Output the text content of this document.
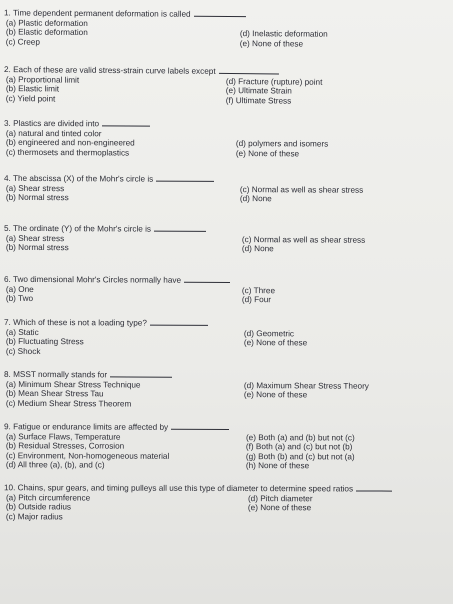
1. Time dependent permanent deformation is called
(a) Plastic deformation
(b) Elastic deformation
(c) Creep

(d) Inelastic deformation
(e) None of these
2. Each of these are valid stress-strain curve labels except
(a) Proportional limit
(b) Elastic limit
(c) Yield point
(d) Fracture (rupture) point
(e) Ultimate Strain
(f) Ultimate Stress
3. Plastics are divided into
(a) natural and tinted color
(b) engineered and non-engineered
(c) thermosets and thermoplastics

(d) polymers and isomers
(e) None of these
4. The abscissa (X) of the Mohr's circle is
(a) Shear stress
(b) Normal stress
(c) Normal as well as shear stress
(d) None
5. The ordinate (Y) of the Mohr's circle is
(a) Shear stress
(b) Normal stress
(c) Normal as well as shear stress
(d) None
6. Two dimensional Mohr's Circles normally have
(a) One
(b) Two
(c) Three
(d) Four
7. Which of these is not a loading type?
(a) Static
(b) Fluctuating Stress
(c) Shock
(d) Geometric
(e) None of these
8. MSST normally stands for
(a) Minimum Shear Stress Technique
(b) Mean Shear Stress Tau
(c) Medium Shear Stress Theorem
(d) Maximum Shear Stress Theory
(e) None of these
9. Fatigue or endurance limits are affected by
(a) Surface Flaws, Temperature
(b) Residual Stresses, Corrosion
(c) Environment, Non-homogeneous material
(d) All three (a), (b), and (c)
(e) Both (a) and (b) but not (c)
(f) Both (a) and (c) but not (b)
(g) Both (b) and (c) but not (a)
(h) None of these
10. Chains, spur gears, and timing pulleys all use this type of diameter to determine speed ratios
(a) Pitch circumference
(b) Outside radius
(c) Major radius
(d) Pitch diameter
(e) None of these
